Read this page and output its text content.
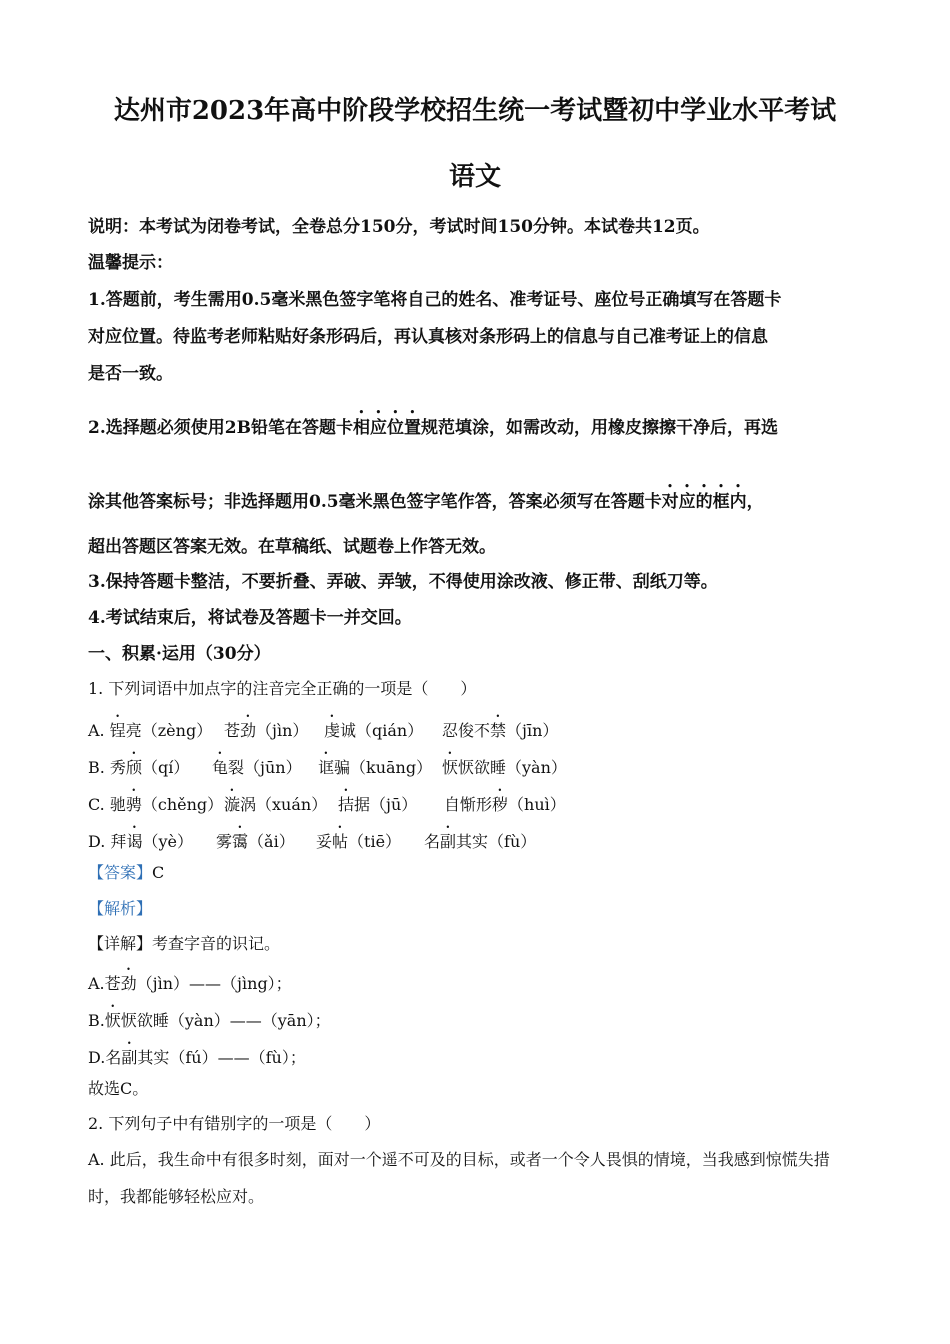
达州市2023年高中阶段学校招生统一考试暨初中学业水平考试
语文
说明：本考试为闭卷考试，全卷总分150分，考试时间150分钟。本试卷共12页。
温馨提示：
1.答题前，考生需用0.5毫米黑色签字笔将自己的姓名、准考证号、座位号正确填写在答题卡
对应位置。待监考老师粘贴好条形码后，再认真核对条形码上的信息与自己准考证上的信息
是否一致。
2.选择题必须使用2B铅笔在答题卡相应位置规范填涂，如需改动，用橡皮擦擦干净后，再选
涂其他答案标号；非选择题用0.5毫米黑色签字笔作答，答案必须写在答题卡对应的框内，
超出答题区答案无效。在草稿纸、试题卷上作答无效。
3.保持答题卡整洁，不要折叠、弄破、弄皱，不得使用涂改液、修正带、刮纸刀等。
4.考试结束后，将试卷及答题卡一并交回。
一、积累·运用（30分）
1. 下列词语中加点字的注音完全正确的一项是（　　）
A. 锃亮（zèng） 苍劲（jìn） 虔诚（qián） 忍俊不禁（jīn）
B. 秀颀（qí） 龟裂（jūn） 诓骗（kuāng） 恹恹欲睡（yàn）
C. 驰骋（chěng） 漩涡（xuán） 拮据（jū） 自惭形秽（huì）
D. 拜谒（yè） 雾霭（ǎi） 妥帖（tiē） 名副其实（fù）
【答案】C
【解析】
【详解】考查字音的识记。
A.苍劲（jìn）——（jìng）；
B.恹恹欲睡（yàn）——（yān）；
D.名副其实（fú）——（fù）；
故选C。
2. 下列句子中有错别字的一项是（　　）
A. 此后，我生命中有很多时刻，面对一个遥不可及的目标，或者一个令人畏惧的情境，当我感到惊慌失措
时，我都能够轻松应对。
